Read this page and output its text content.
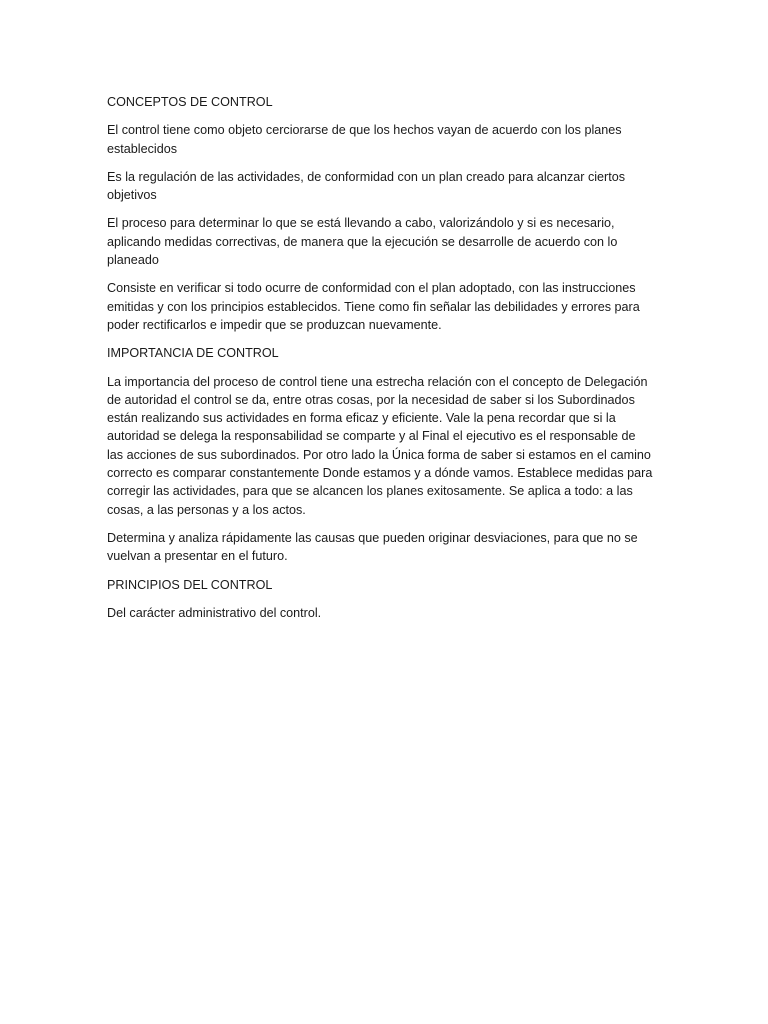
CONCEPTOS DE CONTROL

El control tiene como objeto cerciorarse de que los hechos vayan de acuerdo con los planes establecidos

Es la regulación de las actividades, de conformidad con un plan creado para alcanzar ciertos objetivos

El proceso para determinar lo que se está llevando a cabo, valorizándolo y si es necesario, aplicando medidas correctivas, de manera que la ejecución se desarrolle de acuerdo con lo planeado

Consiste en verificar si todo ocurre de conformidad con el plan adoptado, con las instrucciones emitidas y con los principios establecidos. Tiene como fin señalar las debilidades y errores para poder rectificarlos e impedir que se produzcan nuevamente.

IMPORTANCIA DE CONTROL

La importancia del proceso de control tiene una estrecha relación con el concepto de Delegación de autoridad el control se da, entre otras cosas, por la necesidad de saber si los Subordinados están realizando sus actividades en forma eficaz y eficiente. Vale la pena recordar que si la autoridad se delega la responsabilidad se comparte y al Final el ejecutivo es el responsable de las acciones de sus subordinados. Por otro lado la Única forma de saber si estamos en el camino correcto es comparar constantemente Donde estamos y a dónde vamos. Establece medidas para corregir las actividades, para que se alcancen los planes exitosamente. Se aplica a todo: a las cosas, a las personas y a los actos.

Determina y analiza rápidamente las causas que pueden originar desviaciones, para que no se vuelvan a presentar en el futuro.

PRINCIPIOS DEL CONTROL

Del carácter administrativo del control.
